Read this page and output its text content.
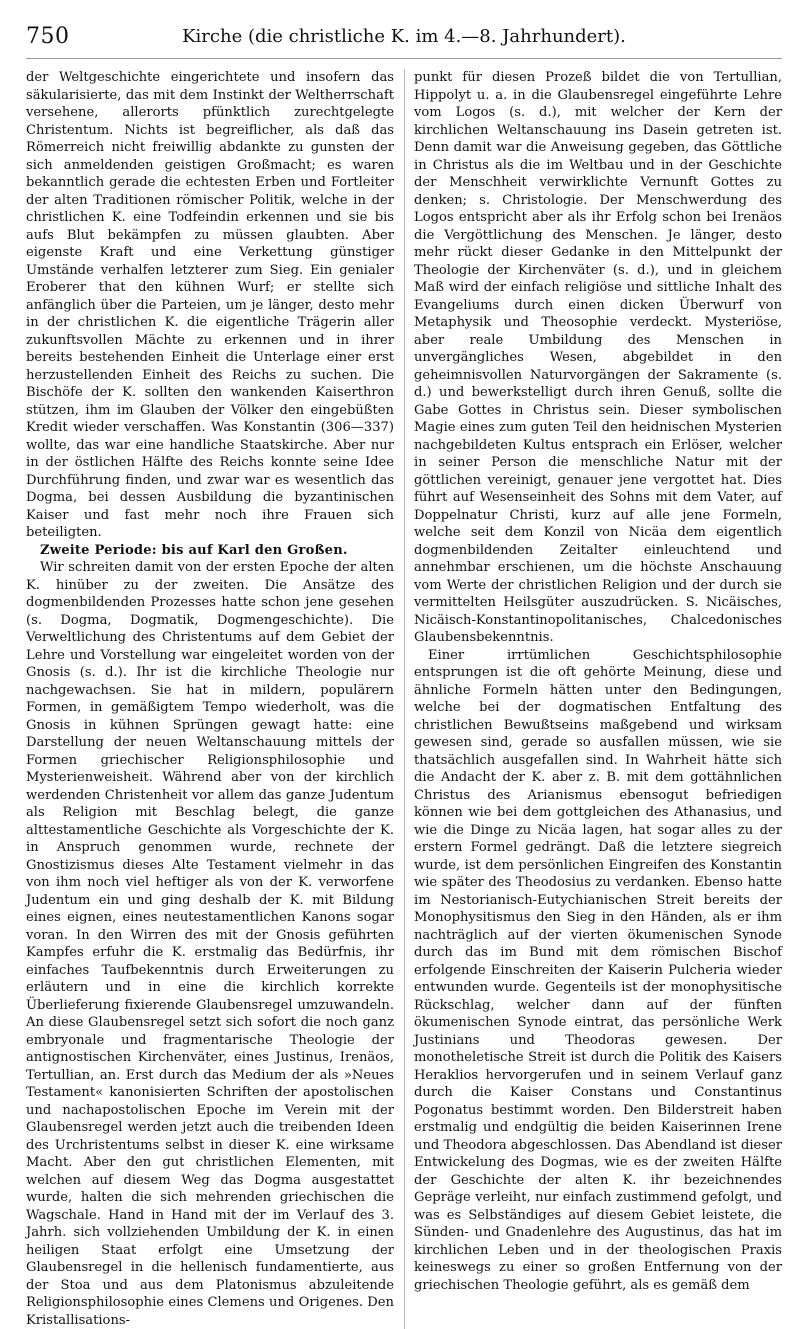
750	Kirche (die christliche K. im 4.—8. Jahrhundert).

der Weltgeschichte eingerichtete und insofern das säkularisierte, das mit dem Instinkt der Weltherrschaft versehene, allerorts pfünktlich zurechtgelegte Christentum. Nichts ist begreiflicher, als daß das Römerreich nicht freiwillig abdankte zu gunsten der sich anmeldenden geistigen Großmacht; es waren bekanntlich gerade die echtesten Erben und Fortleiter der alten Traditionen römischer Politik, welche in der christlichen K. eine Todfeindin erkennen und sie bis aufs Blut bekämpfen zu müssen glaubten. Aber eigenste Kraft und eine Verkettung günstiger Umstände verhalfen letzterer zum Sieg. Ein genialer Eroberer that den kühnen Wurf; er stellte sich anfänglich über die Parteien, um je länger, desto mehr in der christlichen K. die eigentliche Trägerin aller zukunftsvollen Mächte zu erkennen und in ihrer bereits bestehenden Einheit die Unterlage einer erst herzustellenden Einheit des Reichs zu suchen. Die Bischöfe der K. sollten den wankenden Kaiserthron stützen, ihm im Glauben der Völker den eingebüßten Kredit wieder verschaffen. Was Konstantin (306—337) wollte, das war eine handliche Staatskirche. Aber nur in der östlichen Hälfte des Reichs konnte seine Idee Durchführung finden, und zwar war es wesentlich das Dogma, bei dessen Ausbildung die byzantinischen Kaiser und fast mehr noch ihre Frauen sich beteiligten.

Zweite Periode: bis auf Karl den Großen.

Wir schreiten damit von der ersten Epoche der alten K. hinüber zu der zweiten. Die Ansätze des dogmenbildenden Prozesses hatte schon jene gesehen (s. Dogma, Dogmatik, Dogmengeschichte). Die Verweltlichung des Christentums auf dem Gebiet der Lehre und Vorstellung war eingeleitet worden von der Gnosis (s. d.). Ihr ist die kirchliche Theologie nur nachgewachsen. Sie hat in mildern, populärern Formen, in gemäßigtem Tempo wiederholt, was die Gnosis in kühnen Sprüngen gewagt hatte: eine Darstellung der neuen Weltanschauung mittels der Formen griechischer Religionsphilosophie und Mysterienweisheit. Während aber von der kirchlich werdenden Christenheit vor allem das ganze Judentum als Religion mit Beschlag belegt, die ganze alttestamentliche Geschichte als Vorgeschichte der K. in Anspruch genommen wurde, rechnete der Gnostizismus dieses Alte Testament vielmehr in das von ihm noch viel heftiger als von der K. verworfene Judentum ein und ging deshalb der K. mit Bildung eines eignen, eines neutestamentlichen Kanons sogar voran. In den Wirren des mit der Gnosis geführten Kampfes erfuhr die K. erstmalig das Bedürfnis, ihr einfaches Taufbekenntnis durch Erweiterungen zu erläutern und in eine die kirchlich korrekte Überlieferung fixierende Glaubensregel umzuwandeln. An diese Glaubensregel setzt sich sofort die noch ganz embryonale und fragmentarische Theologie der antignostischen Kirchenväter, eines Justinus, Irenäos, Tertullian, an. Erst durch das Medium der als »Neues Testament« kanonisierten Schriften der apostolischen und nachapostolischen Epoche im Verein mit der Glaubensregel werden jetzt auch die treibenden Ideen des Urchristentums selbst in dieser K. eine wirksame Macht. Aber den gut christlichen Elementen, mit welchen auf diesem Weg das Dogma ausgestattet wurde, halten die sich mehrenden griechischen die Wagschale. Hand in Hand mit der im Verlauf des 3. Jahrh. sich vollziehenden Umbildung der K. in einen heiligen Staat erfolgt eine Umsetzung der Glaubensregel in die hellenisch fundamentierte, aus der Stoa und aus dem Platonismus abzuleitende Religionsphilosophie eines Clemens und Origenes. Den Kristallisations-

punkt für diesen Prozeß bildet die von Tertullian, Hippolyt u. a. in die Glaubensregel eingeführte Lehre vom Logos (s. d.), mit welcher der Kern der kirchlichen Weltanschauung ins Dasein getreten ist. Denn damit war die Anweisung gegeben, das Göttliche in Christus als die im Weltbau und in der Geschichte der Menschheit verwirklichte Vernunft Gottes zu denken; s. Christologie. Der Menschwerdung des Logos entspricht aber als ihr Erfolg schon bei Irenäos die Vergöttlichung des Menschen. Je länger, desto mehr rückt dieser Gedanke in den Mittelpunkt der Theologie der Kirchenväter (s. d.), und in gleichem Maß wird der einfach religiöse und sittliche Inhalt des Evangeliums durch einen dicken Überwurf von Metaphysik und Theosophie verdeckt. Mysteriöse, aber reale Umbildung des Menschen in unvergängliches Wesen, abgebildet in den geheimnisvollen Naturvorgängen der Sakramente (s. d.) und bewerkstelligt durch ihren Genuß, sollte die Gabe Gottes in Christus sein. Dieser symbolischen Magie eines zum guten Teil den heidnischen Mysterien nachgebildeten Kultus entsprach ein Erlöser, welcher in seiner Person die menschliche Natur mit der göttlichen vereinigt, genauer jene vergottet hat. Dies führt auf Wesenseinheit des Sohns mit dem Vater, auf Doppelnatur Christi, kurz auf alle jene Formeln, welche seit dem Konzil von Nicäa dem eigentlich dogmenbildenden Zeitalter einleuchtend und annehmbar erschienen, um die höchste Anschauung vom Werte der christlichen Religion und der durch sie vermittelten Heilsgüter auszudrücken. S. Nicäisches, Nicäisch-Konstantinopolitanisches, Chalcedonisches Glaubensbekenntnis.

Einer irrtümlichen Geschichtsphilosophie entsprungen ist die oft gehörte Meinung, diese und ähnliche Formeln hätten unter den Bedingungen, welche bei der dogmatischen Entfaltung des christlichen Bewußtseins maßgebend und wirksam gewesen sind, gerade so ausfallen müssen, wie sie thatsächlich ausgefallen sind. In Wahrheit hätte sich die Andacht der K. aber z. B. mit dem gottähnlichen Christus des Arianismus ebensogut befriedigen können wie bei dem gottgleichen des Athanasius, und wie die Dinge zu Nicäa lagen, hat sogar alles zu der erstern Formel gedrängt. Daß die letztere siegreich wurde, ist dem persönlichen Eingreifen des Konstantin wie später des Theodosius zu verdanken. Ebenso hatte im Nestorianisch-Eutychianischen Streit bereits der Monophysitismus den Sieg in den Händen, als er ihm nachträglich auf der vierten ökumenischen Synode durch das im Bund mit dem römischen Bischof erfolgende Einschreiten der Kaiserin Pulcheria wieder entwunden wurde. Gegenteils ist der monophysitische Rückschlag, welcher dann auf der fünften ökumenischen Synode eintrat, das persönliche Werk Justinians und Theodoras gewesen. Der monotheletische Streit ist durch die Politik des Kaisers Heraklios hervorgerufen und in seinem Verlauf ganz durch die Kaiser Constans und Constantinus Pogonatus bestimmt worden. Den Bilderstreit haben erstmalig und endgültig die beiden Kaiserinnen Irene und Theodora abgeschlossen. Das Abendland ist dieser Entwickelung des Dogmas, wie es der zweiten Hälfte der Geschichte der alten K. ihr bezeichnendes Gepräge verleiht, nur einfach zustimmend gefolgt, und was es Selbständiges auf diesem Gebiet leistete, die Sünden- und Gnadenlehre des Augustinus, das hat im kirchlichen Leben und in der theologischen Praxis keineswegs zu einer so großen Entfernung von der griechischen Theologie geführt, als es gemäß dem
